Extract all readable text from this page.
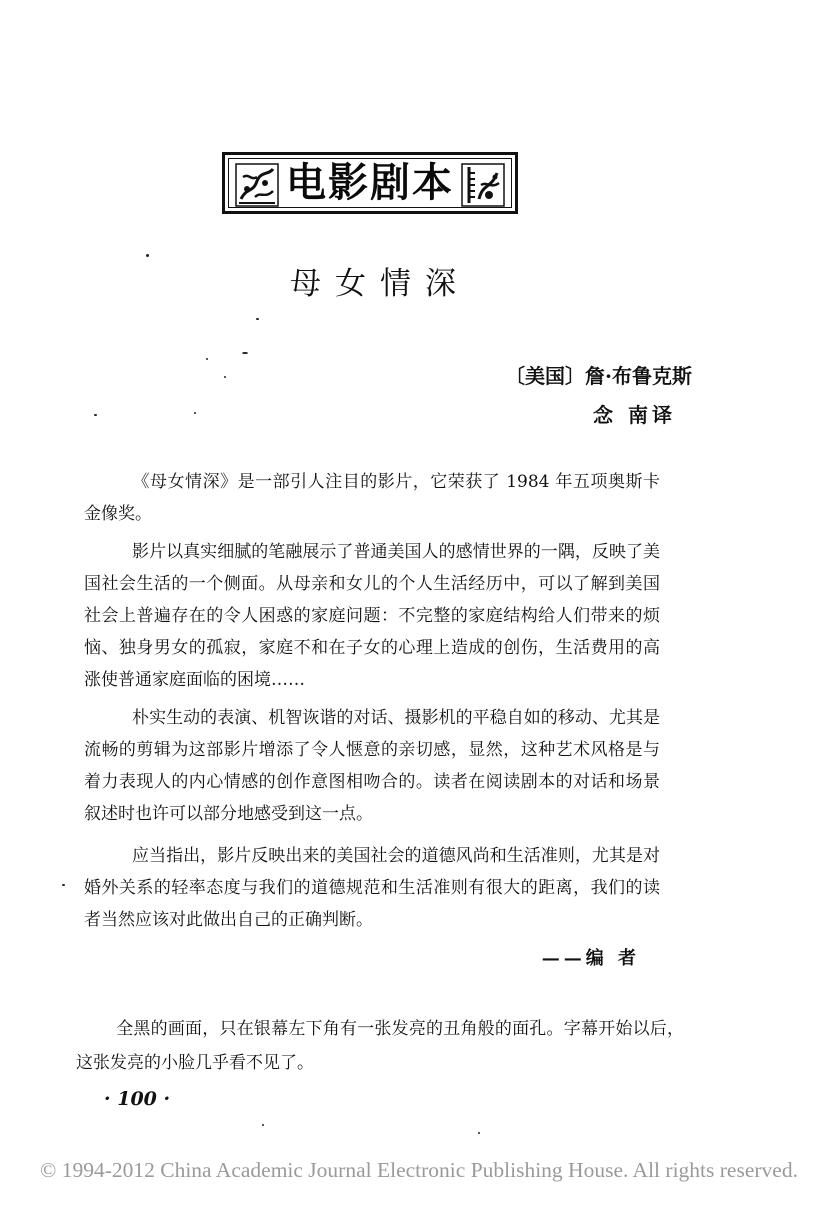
电影剧本
母女情深
〔美国〕詹·布鲁克斯
念 南译

《母女情深》是一部引人注目的影片，它荣获了 1984 年五项奥斯卡金像奖。

影片以真实细腻的笔融展示了普通美国人的感情世界的一隅，反映了美国社会生活的一个侧面。从母亲和女儿的个人生活经历中，可以了解到美国社会上普遍存在的令人困惑的家庭问题：不完整的家庭结构给人们带来的烦恼、独身男女的孤寂，家庭不和在子女的心理上造成的创伤，生活费用的高涨使普通家庭面临的困境……

朴实生动的表演、机智诙谐的对话、摄影机的平稳自如的移动、尤其是流畅的剪辑为这部影片增添了令人惬意的亲切感，显然，这种艺术风格是与着力表现人的内心情感的创作意图相吻合的。读者在阅读剧本的对话和场景叙述时也许可以部分地感受到这一点。

应当指出，影片反映出来的美国社会的道德风尚和生活准则，尤其是对婚外关系的轻率态度与我们的道德规范和生活准则有很大的距离，我们的读者当然应该对此做出自己的正确判断。

——编 者

全黑的画面，只在银幕左下角有一张发亮的丑角般的面孔。字幕开始以后，这张发亮的小脸几乎看不见了。

· 100 ·
© 1994-2012 China Academic Journal Electronic Publishing House. All rights reserved.
